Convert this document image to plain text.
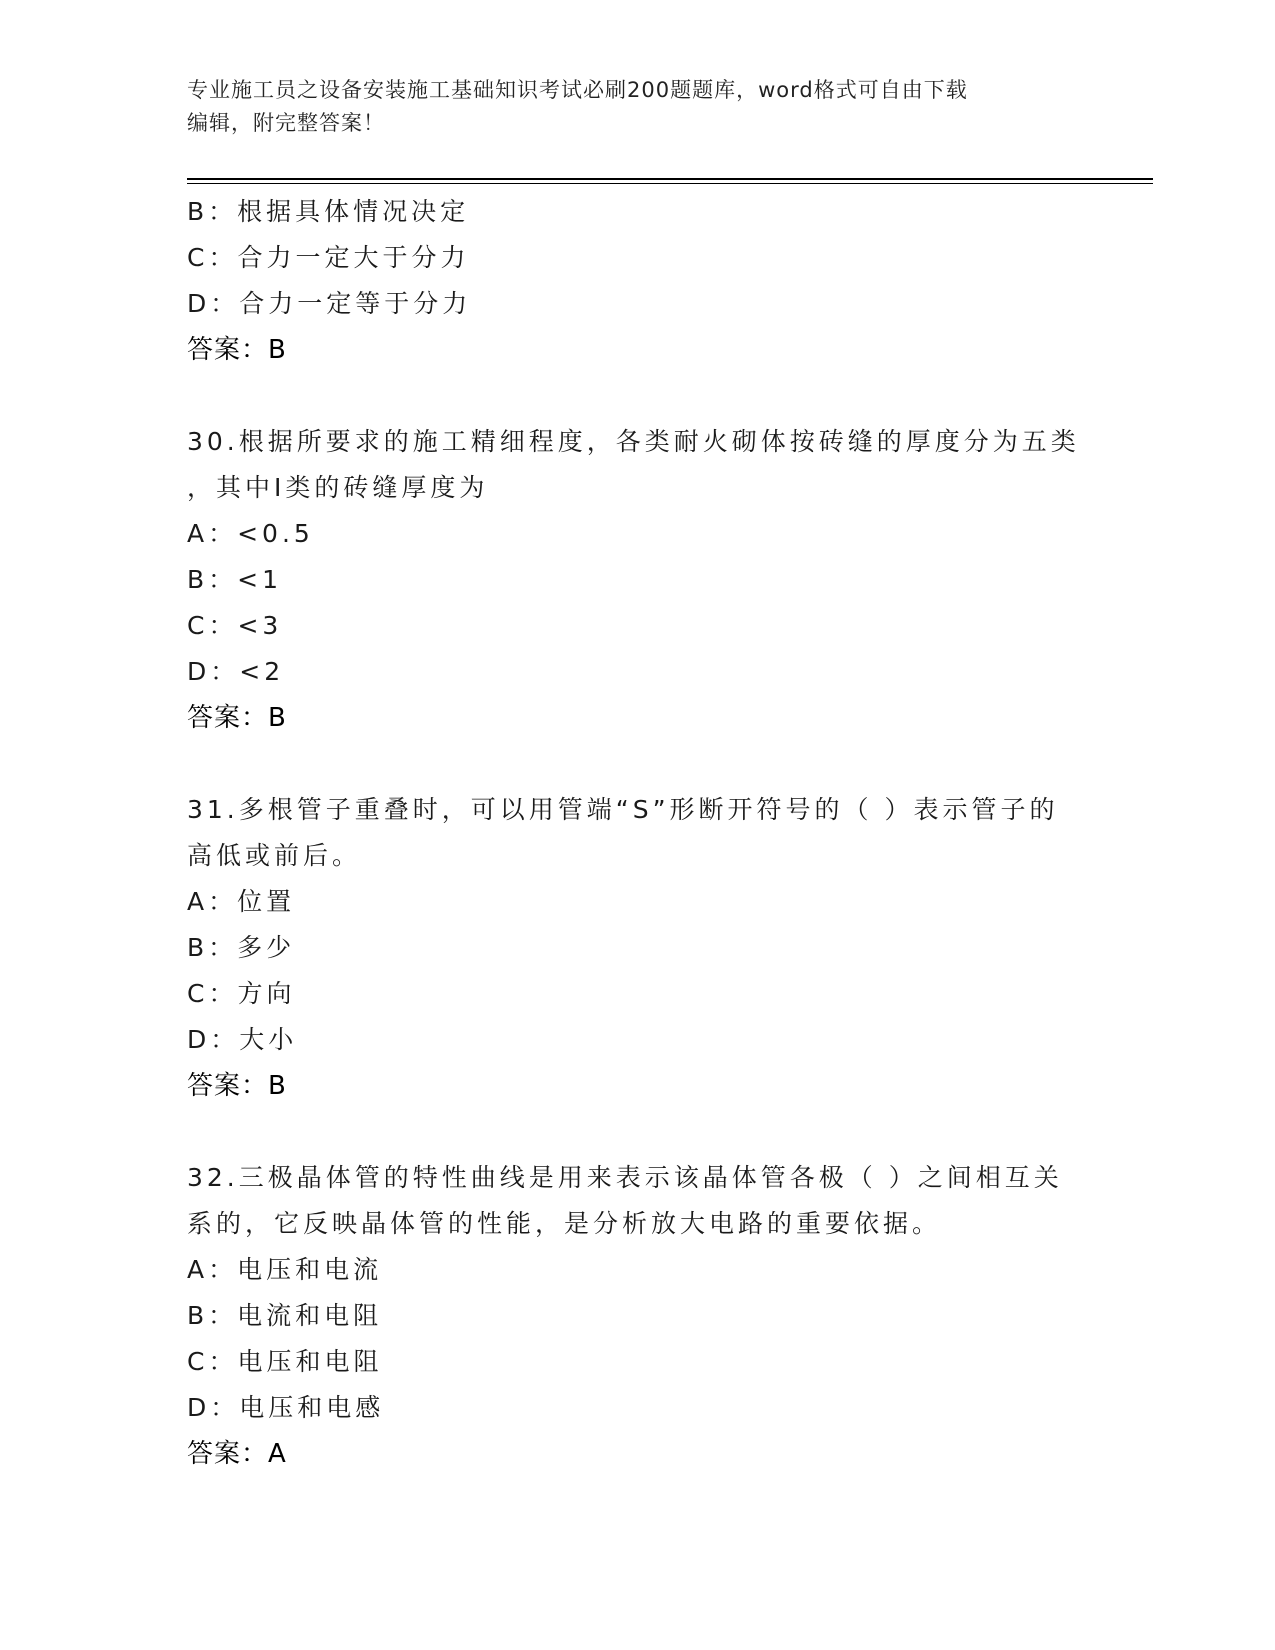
专业施工员之设备安装施工基础知识考试必刷200题题库，word格式可自由下载
编辑，附完整答案！
B：根据具体情况决定
C：合力一定大于分力
D：合力一定等于分力
答案：B
30.根据所要求的施工精细程度，各类耐火砌体按砖缝的厚度分为五类
，其中Ⅰ类的砖缝厚度为
A：<0.5
B：<1
C：<3
D：<2
答案：B
31.多根管子重叠时，可以用管端“S”形断开符号的（ ）表示管子的
高低或前后。
A：位置
B：多少
C：方向
D：大小
答案：B
32.三极晶体管的特性曲线是用来表示该晶体管各极（ ）之间相互关
系的，它反映晶体管的性能，是分析放大电路的重要依据。
A：电压和电流
B：电流和电阻
C：电压和电阻
D：电压和电感
答案：A
